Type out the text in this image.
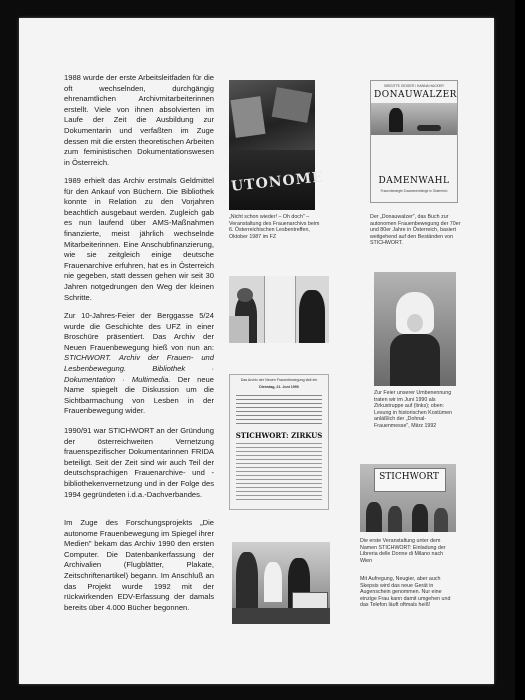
1988 wurde der erste Arbeitsleitfaden für die oft wechselnden, durchgängig ehrenamtlichen Archivmitarbeiterinnen erstellt. Viele von ihnen absolvierten im Laufe der Zeit die Ausbildung zur Dokumentarin und verfaßten im Zuge dessen mit die ersten theoretischen Arbeiten zum feministischen Dokumentationswesen in Österreich.
1989 erhielt das Archiv erstmals Geldmittel für den Ankauf von Büchern. Die Bibliothek konnte in Relation zu den Vorjahren beachtlich ausgebaut werden. Zugleich gab es nun laufend über AMS-Maßnahmen finanzierte, meist jährlich wechselnde Mitarbeiterinnen. Eine Anschubfinanzierung, wie sie zeitgleich einige deutsche Frauenarchive erfuhren, hat es in Österreich nie gegeben, statt dessen gehen wir seit 30 Jahren notgedrungen den Weg der kleinen Schritte.
Zur 10-Jahres-Feier der Berggasse 5/24 wurde die Geschichte des UFZ in einer Broschüre präsentiert. Das Archiv der Neuen Frauenbewegung hieß von nun an: STICHWORT. Archiv der Frauen- und Lesbenbewegung. Bibliothek · Dokumentation · Multimedia. Der neue Name spiegelt die Diskussion um die Sichtbarmachung von Lesben in der Frauenbewegung wider.
1990/91 war STICHWORT an der Gründung der österreichweiten Vernetzung frauenspezifischer Dokumentarinnen FRIDA beteiligt. Seit der Zeit sind wir auch Teil der deutschsprachigen Frauenarchive- und -bibliothekenvernetzung und in der Folge des 1994 gegründeten i.d.a.-Dachverbandes.
Im Zuge des Forschungsprojekts „Die autonome Frauenbewegung im Spiegel ihrer Medien" bekam das Archiv 1990 den ersten Computer. Die Datenbankerfassung der Archivalien (Flugblätter, Plakate, Zeitschriftenartikel) begann. Im Anschluß an das Projekt wurde 1992 mit der rückwirkenden EDV-Erfassung der damals bereits über 4.000 Bücher begonnen.
UTONOME
„Nicht schon wieder! – Oh doch" – Veranstaltung des Frauenarchivs beim 6. Österreichischen Lesbentreffen, Oktober 1987 im FZ
BRIGITTE GEIGER / HANNA HACKER
DONAUWALZER
DAMENWAHL
Frauenbewegte Zusammenhänge in Österreich
Der „Donauwalzer", das Buch zur autonomen Frauenbewegung der 70er und 80er Jahre in Österreich, basiert weitgehend auf den Beständen von STICHWORT.
Zur Feier unserer Umbenennung traten wir im Juni 1990 als Zirkustruppe auf (links); oben: Lesung in historischen Kostümen anläßlich der „Dohnal-Frauenmesse", März 1992
Das Archiv der Neuen Frauenbewegung lädt ein
Dienstag, 21. Juni 1990
STICHWORT: ZIRKUS
STICHWORT
Die erste Veranstaltung unter dem Namen STICHWORT: Einladung der Libreria delle Donne di Milano nach Wien
Mit Aufregung, Neugier, aber auch Skepsis wird das neue Gerät in Augenschein genommen. Nur eine einzige Frau kann damit umgehen und das Telefon läuft oftmals heiß!
